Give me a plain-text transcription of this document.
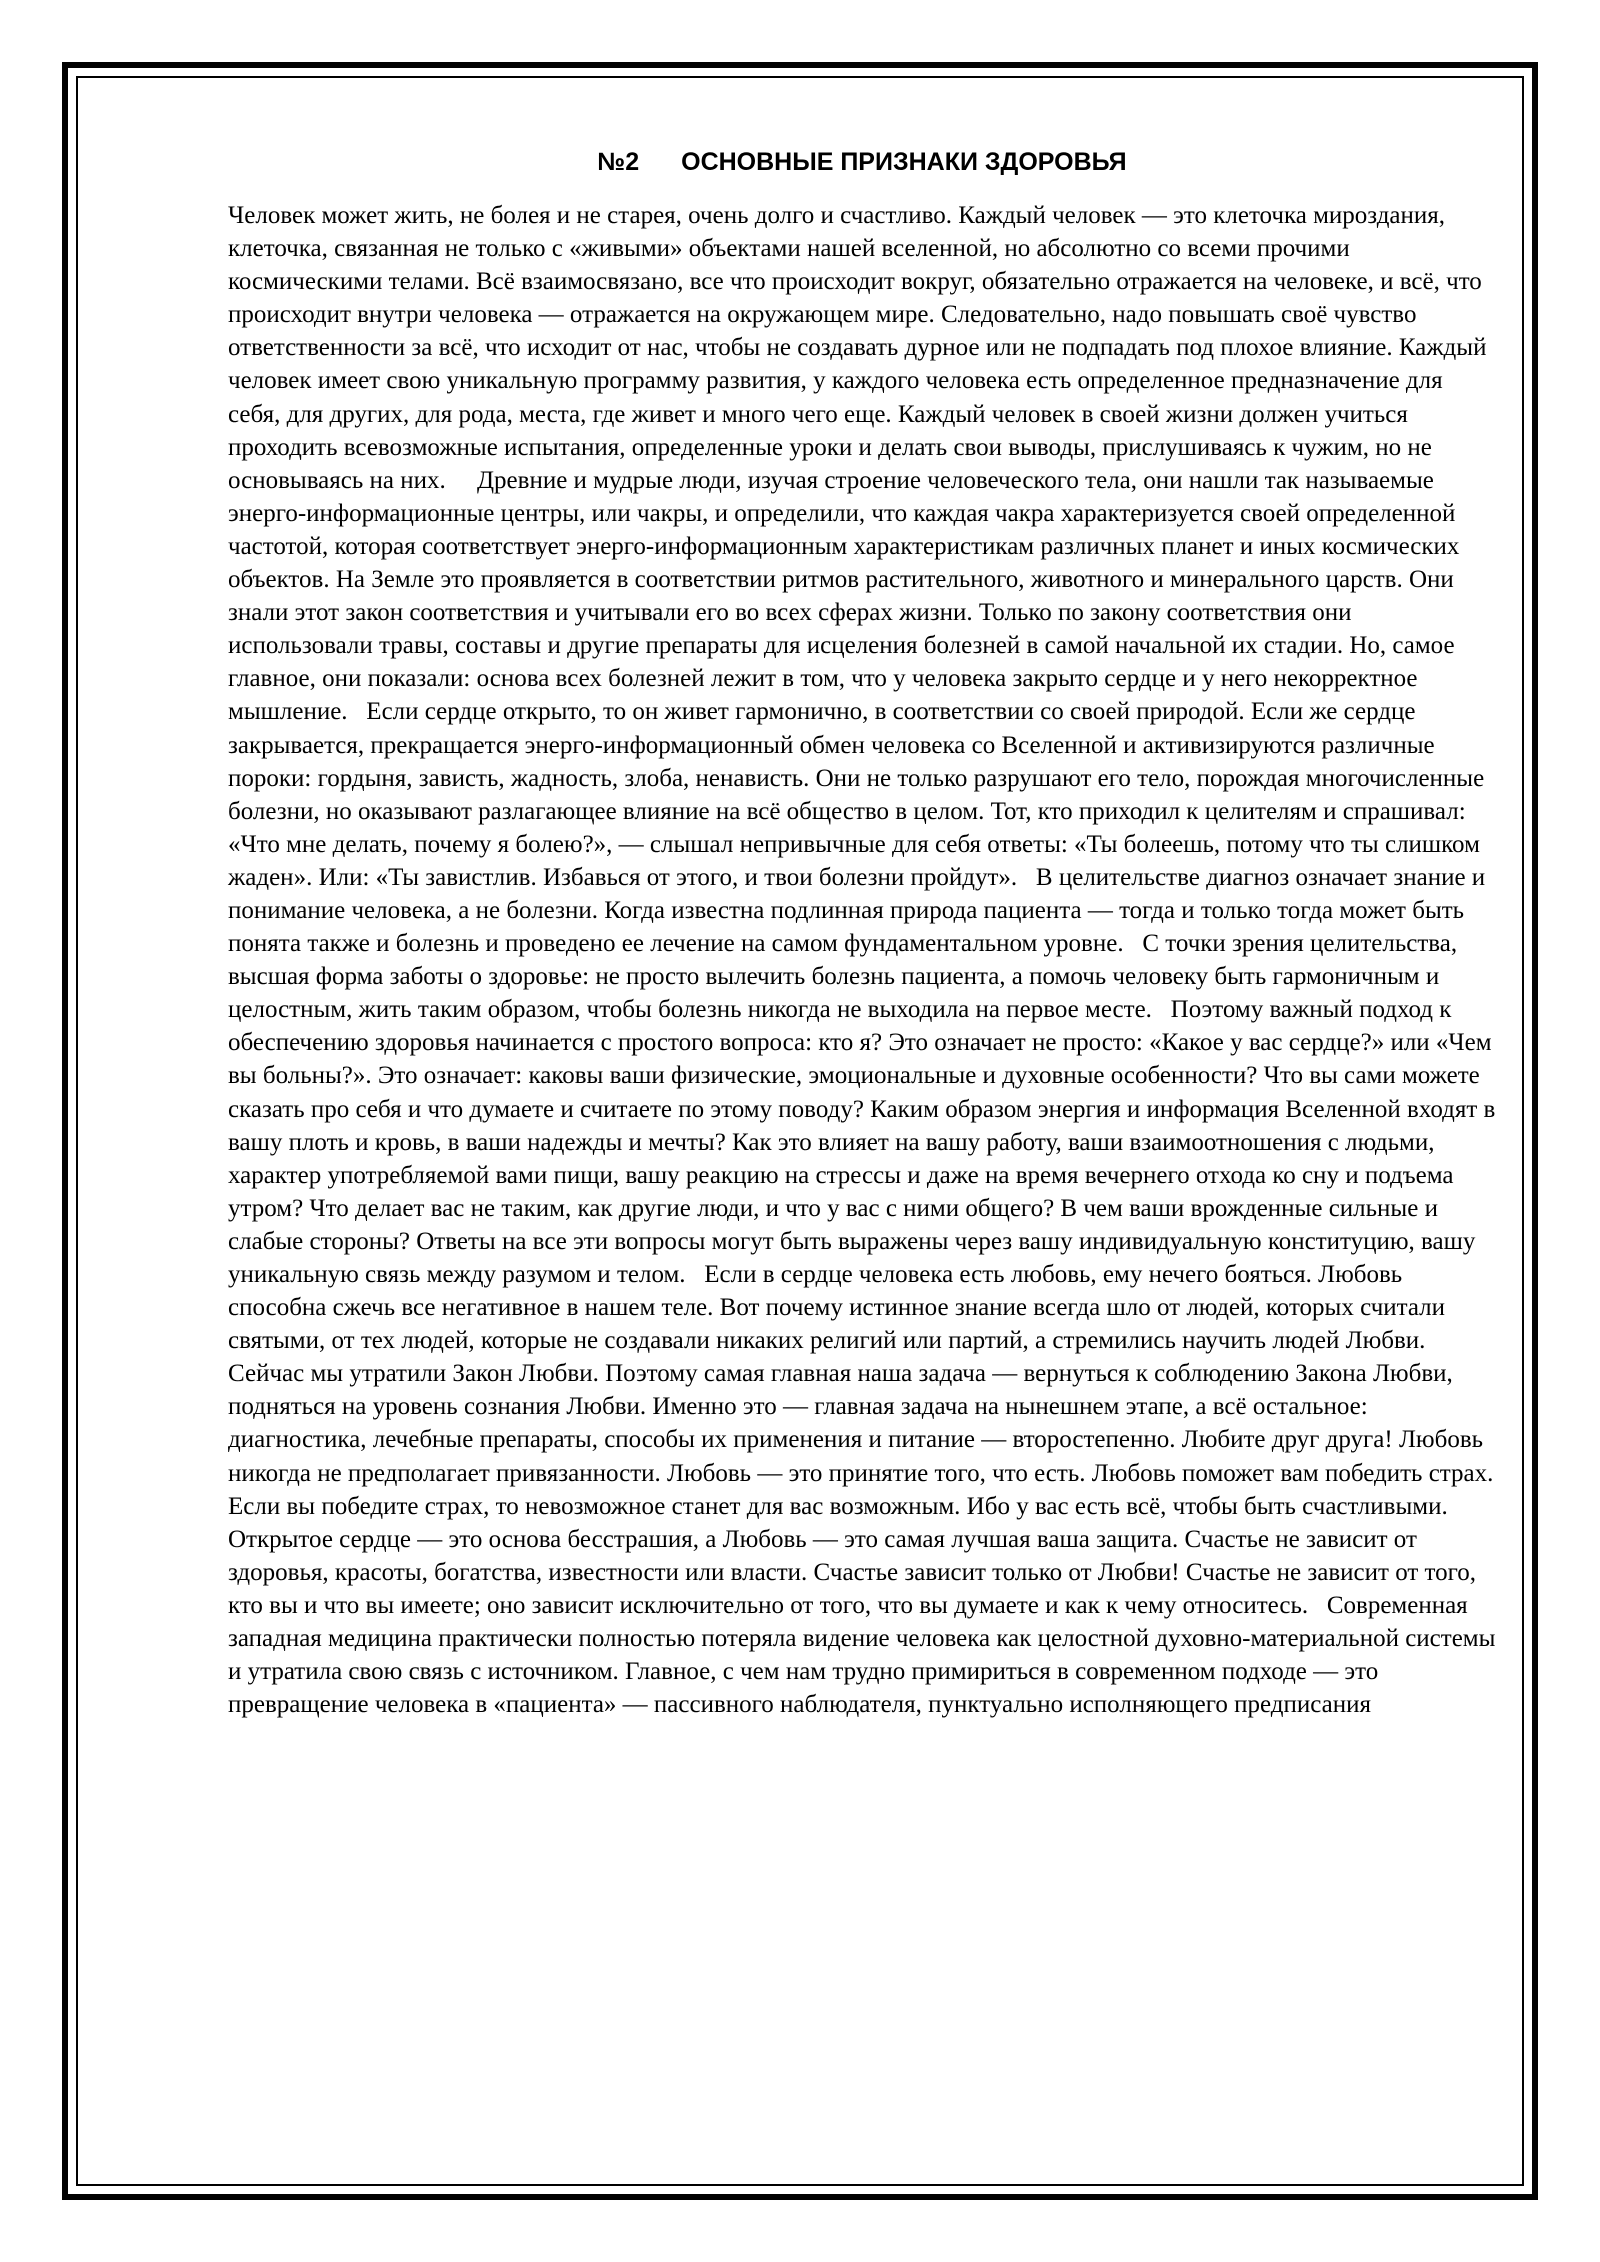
№2 ОСНОВНЫЕ ПРИЗНАКИ ЗДОРОВЬЯ

Человек может жить, не болея и не старея, очень долго и счастливо. Каждый человек — это клеточка мироздания, клеточка, связанная не только с «живыми» объектами нашей вселенной, но абсолютно со всеми прочими космическими телами. Всё взаимосвязано, все что происходит вокруг, обязательно отражается на человеке, и всё, что происходит внутри человека — отражается на окружающем мире. Следовательно, надо повышать своё чувство ответственности за всё, что исходит от нас, чтобы не создавать дурное или не подпадать под плохое влияние. Каждый человек имеет свою уникальную программу развития, у каждого человека есть определенное предназначение для себя, для других, для рода, места, где живет и много чего еще. Каждый человек в своей жизни должен учиться проходить всевозможные испытания, определенные уроки и делать свои выводы, прислушиваясь к чужим, но не основываясь на них.     Древние и мудрые люди, изучая строение человеческого тела, они нашли так называемые энерго-информационные центры, или чакры, и определили, что каждая чакра характеризуется своей определенной частотой, которая соответствует энерго-информационным характеристикам различных планет и иных космических объектов. На Земле это проявляется в соответствии ритмов растительного, животного и минерального царств. Они знали этот закон соответствия и учитывали его во всех сферах жизни. Только по закону соответствия они использовали травы, составы и другие препараты для исцеления болезней в самой начальной их стадии. Но, самое главное, они показали: основа всех болезней лежит в том, что у человека закрыто сердце и у него некорректное мышление.   Если сердце открыто, то он живет гармонично, в соответствии со своей природой. Если же сердце закрывается, прекращается энерго-информационный обмен человека со Вселенной и активизируются различные пороки: гордыня, зависть, жадность, злоба, ненависть. Они не только разрушают его тело, порождая многочисленные болезни, но оказывают разлагающее влияние на всё общество в целом. Тот, кто приходил к целителям и спрашивал: «Что мне делать, почему я болею?», — слышал непривычные для себя ответы: «Ты болеешь, потому что ты слишком жаден». Или: «Ты завистлив. Избавься от этого, и твои болезни пройдут».   В целительстве диагноз означает знание и понимание человека, а не болезни. Когда известна подлинная природа пациента — тогда и только тогда может быть понята также и болезнь и проведено ее лечение на самом фундаментальном уровне.   С точки зрения целительства, высшая форма заботы о здоровье: не просто вылечить болезнь пациента, а помочь человеку быть гармоничным и целостным, жить таким образом, чтобы болезнь никогда не выходила на первое месте.   Поэтому важный подход к обеспечению здоровья начинается с простого вопроса: кто я? Это означает не просто: «Какое у вас сердце?» или «Чем вы больны?». Это означает: каковы ваши физические, эмоциональные и духовные особенности? Что вы сами можете сказать про себя и что думаете и считаете по этому поводу? Каким образом энергия и информация Вселенной входят в вашу плоть и кровь, в ваши надежды и мечты? Как это влияет на вашу работу, ваши взаимоотношения с людьми, характер употребляемой вами пищи, вашу реакцию на стрессы и даже на время вечернего отхода ко сну и подъема утром? Что делает вас не таким, как другие люди, и что у вас с ними общего? В чем ваши врожденные сильные и слабые стороны? Ответы на все эти вопросы могут быть выражены через вашу индивидуальную конституцию, вашу уникальную связь между разумом и телом.   Если в сердце человека есть любовь, ему нечего бояться. Любовь способна сжечь все негативное в нашем теле. Вот почему истинное знание всегда шло от людей, которых считали святыми, от тех людей, которые не создавали никаких религий или партий, а стремились научить людей Любви.   Сейчас мы утратили Закон Любви. Поэтому самая главная наша задача — вернуться к соблюдению Закона Любви, подняться на уровень сознания Любви. Именно это — главная задача на нынешнем этапе, а всё остальное: диагностика, лечебные препараты, способы их применения и питание — второстепенно. Любите друг друга! Любовь никогда не предполагает привязанности. Любовь — это принятие того, что есть. Любовь поможет вам победить страх. Если вы победите страх, то невозможное станет для вас возможным. Ибо у вас есть всё, чтобы быть счастливыми. Открытое сердце — это основа бесстрашия, а Любовь — это самая лучшая ваша защита. Счастье не зависит от здоровья, красоты, богатства, известности или власти. Счастье зависит только от Любви! Счастье не зависит от того, кто вы и что вы имеете; оно зависит исключительно от того, что вы думаете и как к чему относитесь.   Современная западная медицина практически полностью потеряла видение человека как целостной духовно-материальной системы и утратила свою связь с источником. Главное, с чем нам трудно примириться в современном подходе — это превращение человека в «пациента» — пассивного наблюдателя, пунктуально исполняющего предписания
